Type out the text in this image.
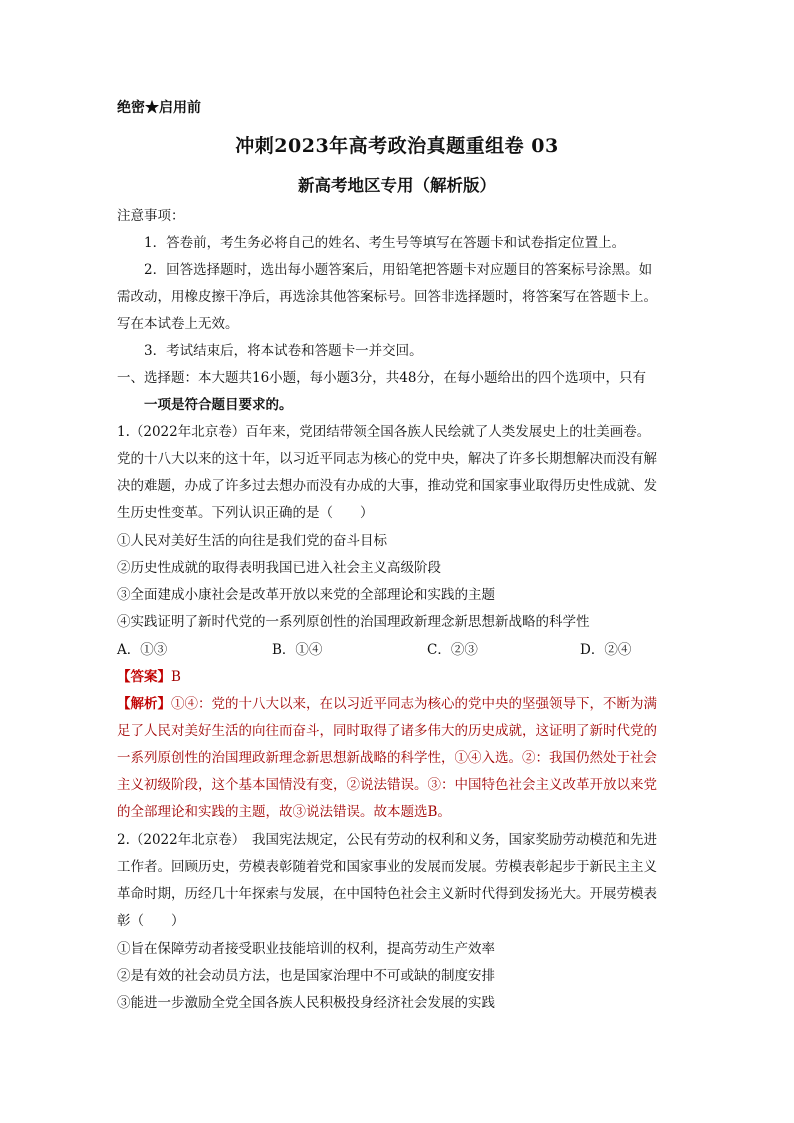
绝密★启用前
冲刺2023年高考政治真题重组卷 03
新高考地区专用（解析版）
注意事项：
1．答卷前，考生务必将自己的姓名、考生号等填写在答题卡和试卷指定位置上。
2．回答选择题时，选出每小题答案后，用铅笔把答题卡对应题目的答案标号涂黑。如
需改动，用橡皮擦干净后，再选涂其他答案标号。回答非选择题时，将答案写在答题卡上。
写在本试卷上无效。
3．考试结束后，将本试卷和答题卡一并交回。
一、选择题：本大题共16小题，每小题3分，共48分，在每小题给出的四个选项中，只有
一项是符合题目要求的。
1.（2022年北京卷）百年来，党团结带领全国各族人民绘就了人类发展史上的壮美画卷。
党的十八大以来的这十年，以习近平同志为核心的党中央，解决了许多长期想解决而没有解
决的难题，办成了许多过去想办而没有办成的大事，推动党和国家事业取得历史性成就、发
生历史性变革。下列认识正确的是（　　）
①人民对美好生活的向往是我们党的奋斗目标
②历史性成就的取得表明我国已进入社会主义高级阶段
③全面建成小康社会是改革开放以来党的全部理论和实践的主题
④实践证明了新时代党的一系列原创性的治国理政新理念新思想新战略的科学性
A．①③	B．①④	C．②③	D．②④
【答案】B
【解析】①④：党的十八大以来，在以习近平同志为核心的党中央的坚强领导下，不断为满
足了人民对美好生活的向往而奋斗，同时取得了诸多伟大的历史成就，这证明了新时代党的
一系列原创性的治国理政新理念新思想新战略的科学性，①④入选。②：我国仍然处于社会
主义初级阶段，这个基本国情没有变，②说法错误。③：中国特色社会主义改革开放以来党
的全部理论和实践的主题，故③说法错误。故本题选B。
2.（2022年北京卷）　我国宪法规定，公民有劳动的权利和义务，国家奖励劳动模范和先进
工作者。回顾历史，劳模表彰随着党和国家事业的发展而发展。劳模表彰起步于新民主主义
革命时期，历经几十年探索与发展，在中国特色社会主义新时代得到发扬光大。开展劳模表
彰（　　）
①旨在保障劳动者接受职业技能培训的权利，提高劳动生产效率
②是有效的社会动员方法，也是国家治理中不可或缺的制度安排
③能进一步激励全党全国各族人民积极投身经济社会发展的实践
